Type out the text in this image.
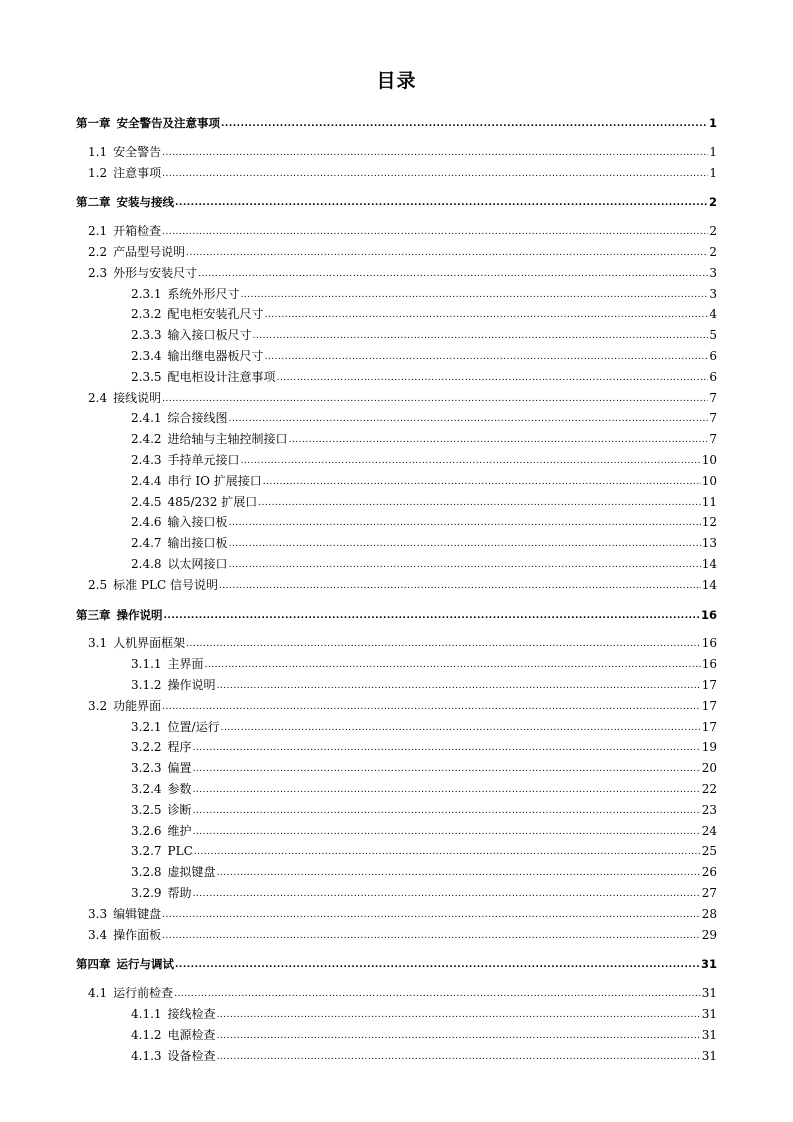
目录
第一章 安全警告及注意事项 .....	1
1.1 安全警告 .....	1
1.2 注意事项 .....	1
第二章 安装与接线 .....	2
2.1 开箱检查 .....	2
2.2 产品型号说明 .....	2
2.3 外形与安装尺寸 .....	3
2.3.1 系统外形尺寸 .....	3
2.3.2 配电柜安装孔尺寸 .....	4
2.3.3 输入接口板尺寸 .....	5
2.3.4 输出继电器板尺寸 .....	6
2.3.5 配电柜设计注意事项 .....	6
2.4 接线说明 .....	7
2.4.1 综合接线图 .....	7
2.4.2 进给轴与主轴控制接口 .....	7
2.4.3 手持单元接口 .....	10
2.4.4 串行 IO 扩展接口 .....	10
2.4.5 485/232 扩展口 .....	11
2.4.6 输入接口板 .....	12
2.4.7 输出接口板 .....	13
2.4.8 以太网接口 .....	14
2.5 标准 PLC 信号说明 .....	14
第三章 操作说明 .....	16
3.1 人机界面框架 .....	16
3.1.1 主界面 .....	16
3.1.2 操作说明 .....	17
3.2 功能界面 .....	17
3.2.1 位置/运行 .....	17
3.2.2 程序 .....	19
3.2.3 偏置 .....	20
3.2.4 参数 .....	22
3.2.5 诊断 .....	23
3.2.6 维护 .....	24
3.2.7 PLC .....	25
3.2.8 虚拟键盘 .....	26
3.2.9 帮助 .....	27
3.3 编辑键盘 .....	28
3.4 操作面板 .....	29
第四章 运行与调试 .....	31
4.1 运行前检查 .....	31
4.1.1 接线检查 .....	31
4.1.2 电源检查 .....	31
4.1.3 设备检查 .....	31
